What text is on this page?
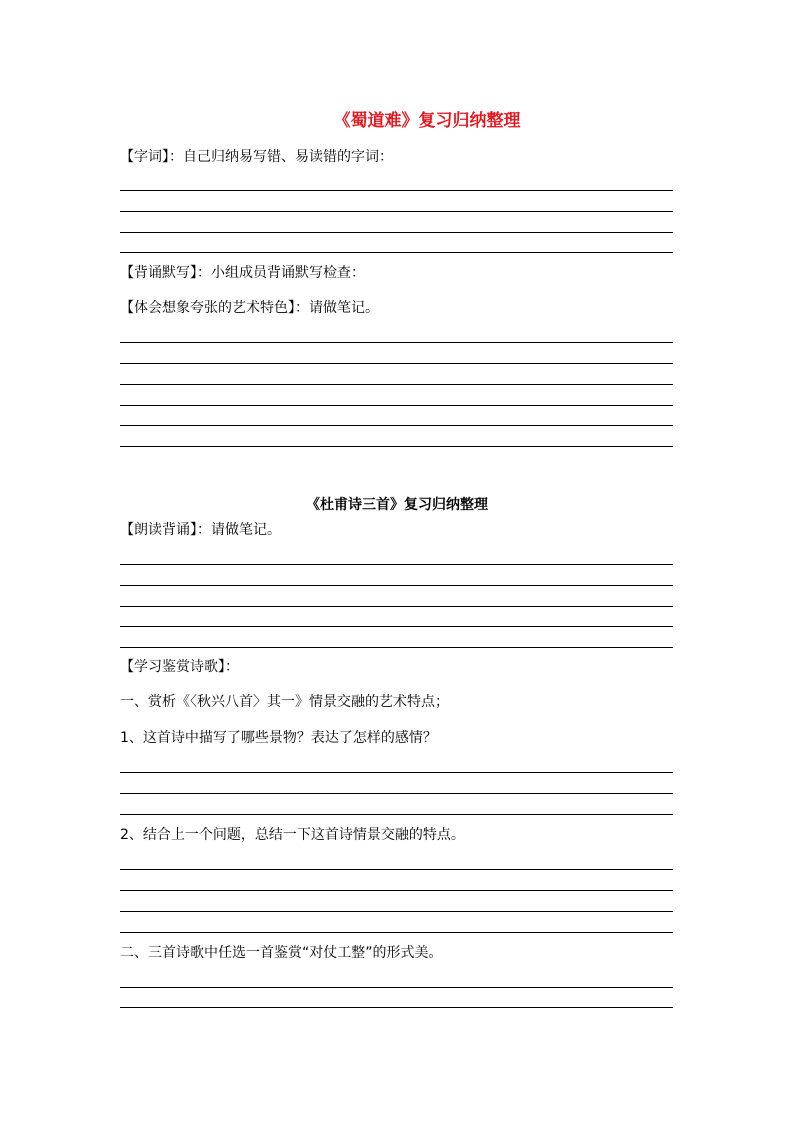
《蜀道难》复习归纳整理
【字词】：自己归纳易写错、易读错的字词：
【背诵默写】：小组成员背诵默写检查：
【体会想象夸张的艺术特色】：请做笔记。
《杜甫诗三首》复习归纳整理
【朗读背诵】：请做笔记。
【学习鉴赏诗歌】：
一、赏析《〈秋兴八首〉其一》情景交融的艺术特点；
1、这首诗中描写了哪些景物？表达了怎样的感情？
2、结合上一个问题，总结一下这首诗情景交融的特点。
二、三首诗歌中任选一首鉴赏“对仗工整”的形式美。
